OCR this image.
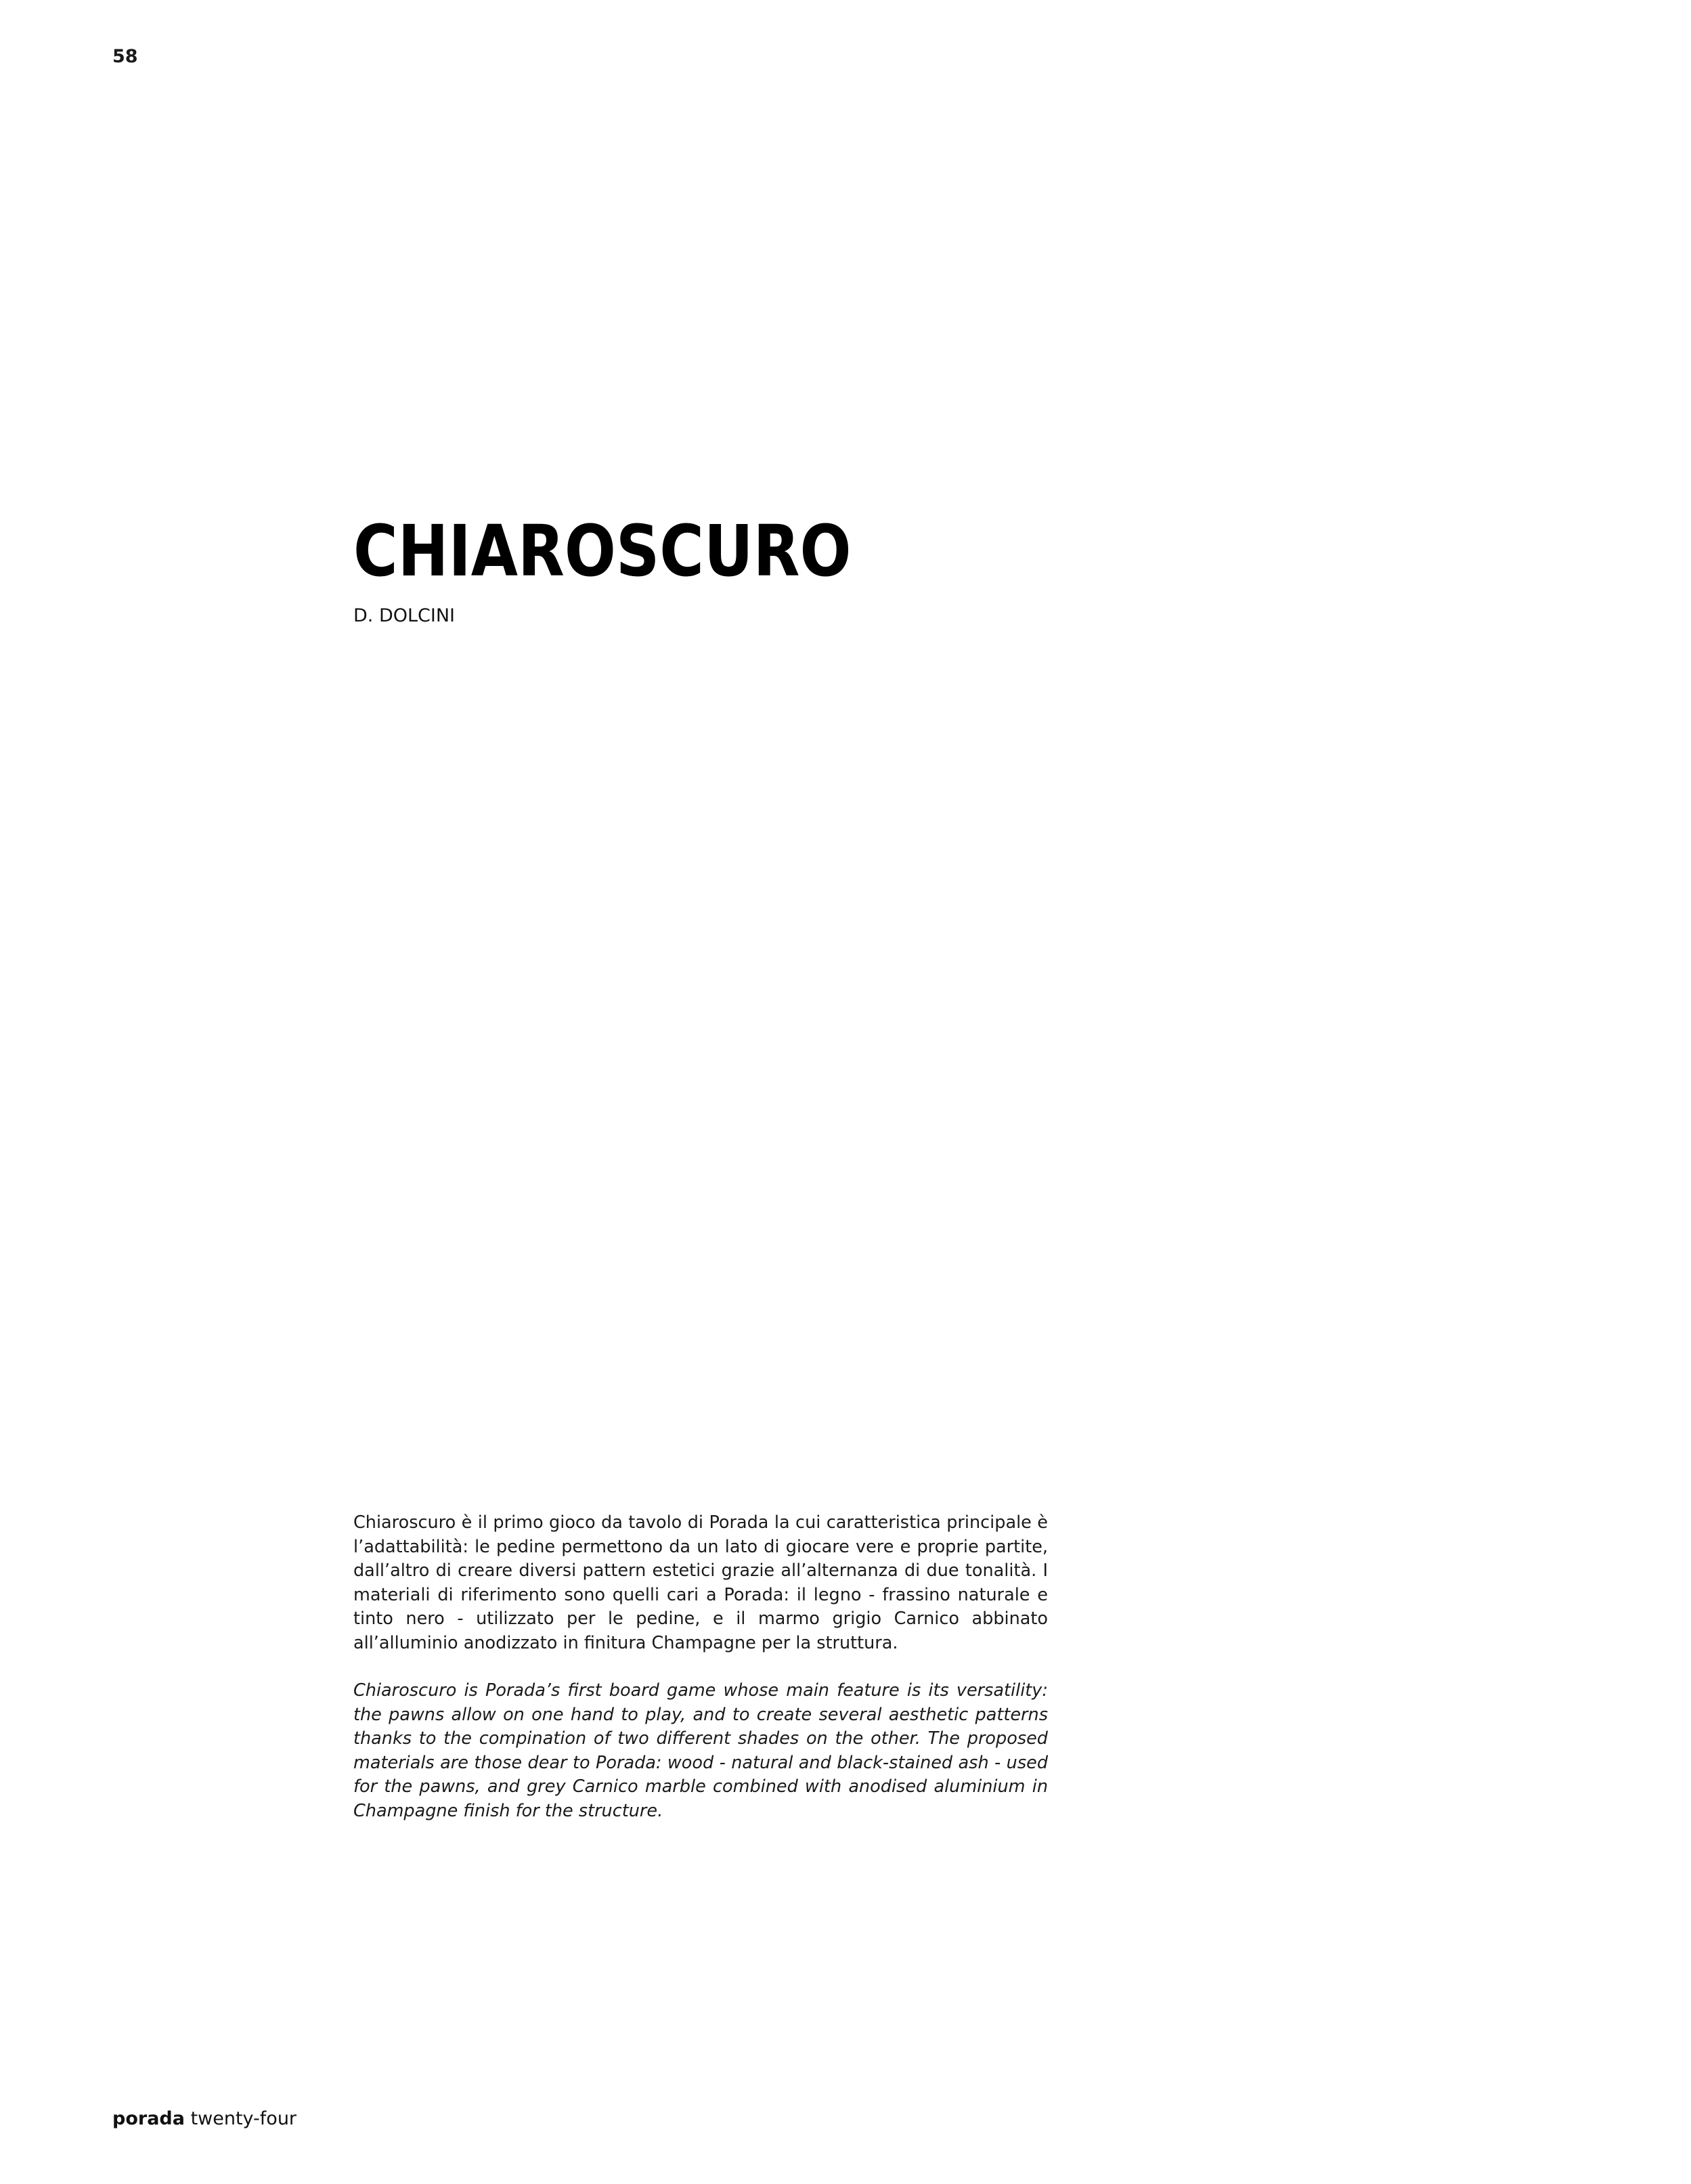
58
CHIAROSCURO
D. DOLCINI

Chiaroscuro è il primo gioco da tavolo di Porada la cui caratteristica principale è l’adattabilità: le pedine permettono da un lato di giocare vere e proprie partite, dall’altro di creare diversi pattern estetici grazie all’alternanza di due tonalità. I materiali di riferimento sono quelli cari a Porada: il legno - frassino naturale e tinto nero - utilizzato per le pedine, e il marmo grigio Carnico abbinato all’alluminio anodizzato in finitura Champagne per la struttura.

Chiaroscuro is Porada’s first board game whose main feature is its versatility: the pawns allow on one hand to play, and to create several aesthetic patterns thanks to the compination of two different shades on the other. The proposed materials are those dear to Porada: wood - natural and black-stained ash - used for the pawns, and grey Carnico marble combined with anodised aluminium in Champagne finish for the structure.

porada twenty-four
